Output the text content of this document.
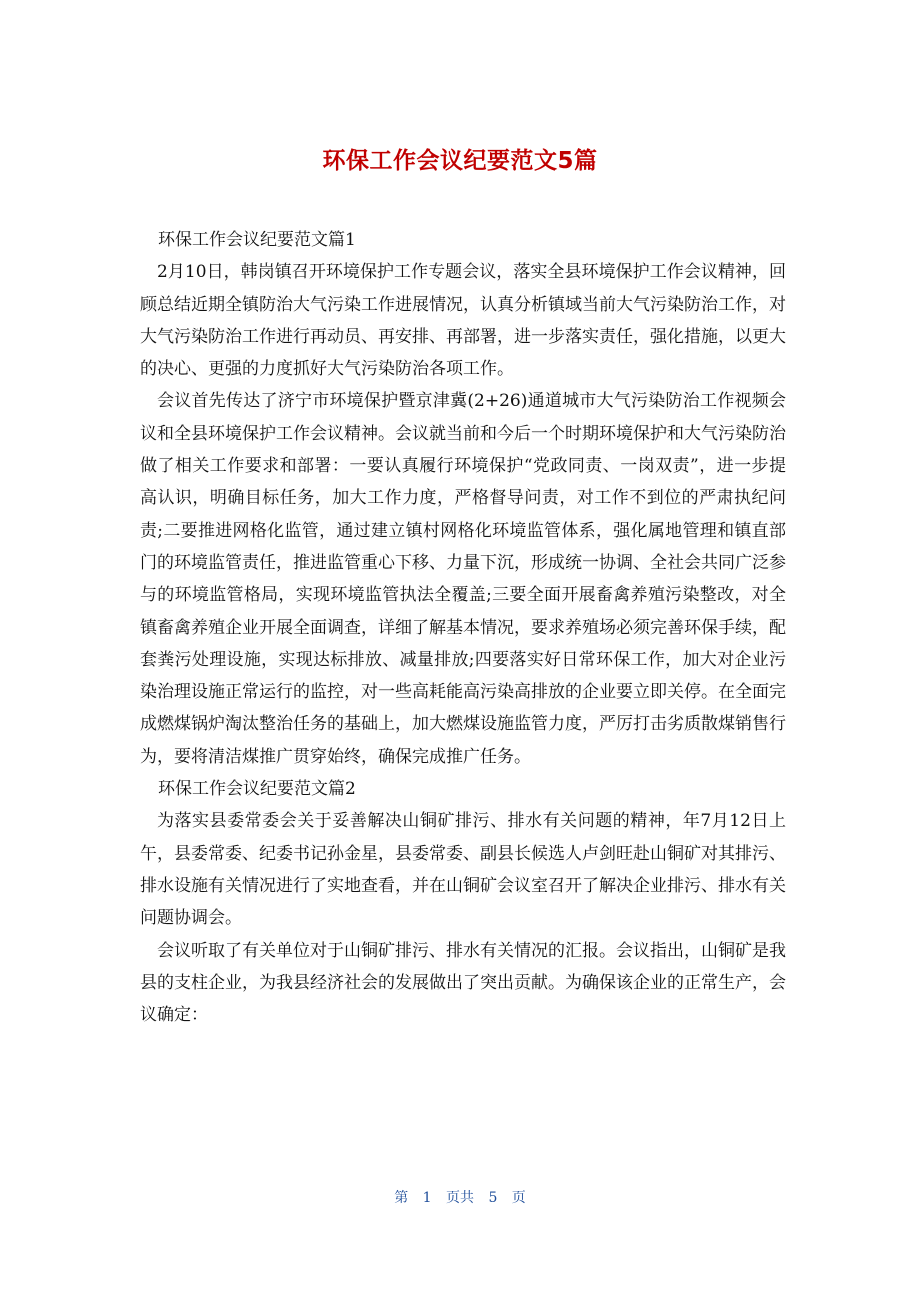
环保工作会议纪要范文5篇

环保工作会议纪要范文篇1

2月10日，韩岗镇召开环境保护工作专题会议，落实全县环境保护工作会议精神，回顾总结近期全镇防治大气污染工作进展情况，认真分析镇域当前大气污染防治工作，对大气污染防治工作进行再动员、再安排、再部署，进一步落实责任，强化措施，以更大的决心、更强的力度抓好大气污染防治各项工作。

会议首先传达了济宁市环境保护暨京津冀(2+26)通道城市大气污染防治工作视频会议和全县环境保护工作会议精神。会议就当前和今后一个时期环境保护和大气污染防治做了相关工作要求和部署：一要认真履行环境保护“党政同责、一岗双责”，进一步提高认识，明确目标任务，加大工作力度，严格督导问责，对工作不到位的严肃执纪问责;二要推进网格化监管，通过建立镇村网格化环境监管体系，强化属地管理和镇直部门的环境监管责任，推进监管重心下移、力量下沉，形成统一协调、全社会共同广泛参与的环境监管格局，实现环境监管执法全覆盖;三要全面开展畜禽养殖污染整改，对全镇畜禽养殖企业开展全面调查，详细了解基本情况，要求养殖场必须完善环保手续，配套粪污处理设施，实现达标排放、减量排放;四要落实好日常环保工作，加大对企业污染治理设施正常运行的监控，对一些高耗能高污染高排放的企业要立即关停。在全面完成燃煤锅炉淘汰整治任务的基础上，加大燃煤设施监管力度，严厉打击劣质散煤销售行为，要将清洁煤推广贯穿始终，确保完成推广任务。

环保工作会议纪要范文篇2

为落实县委常委会关于妥善解决山铜矿排污、排水有关问题的精神，年7月12日上午，县委常委、纪委书记孙金星，县委常委、副县长候选人卢剑旺赴山铜矿对其排污、排水设施有关情况进行了实地查看，并在山铜矿会议室召开了解决企业排污、排水有关问题协调会。

会议听取了有关单位对于山铜矿排污、排水有关情况的汇报。会议指出，山铜矿是我县的支柱企业，为我县经济社会的发展做出了突出贡献。为确保该企业的正常生产，会议确定：

第 1 页共 5 页
